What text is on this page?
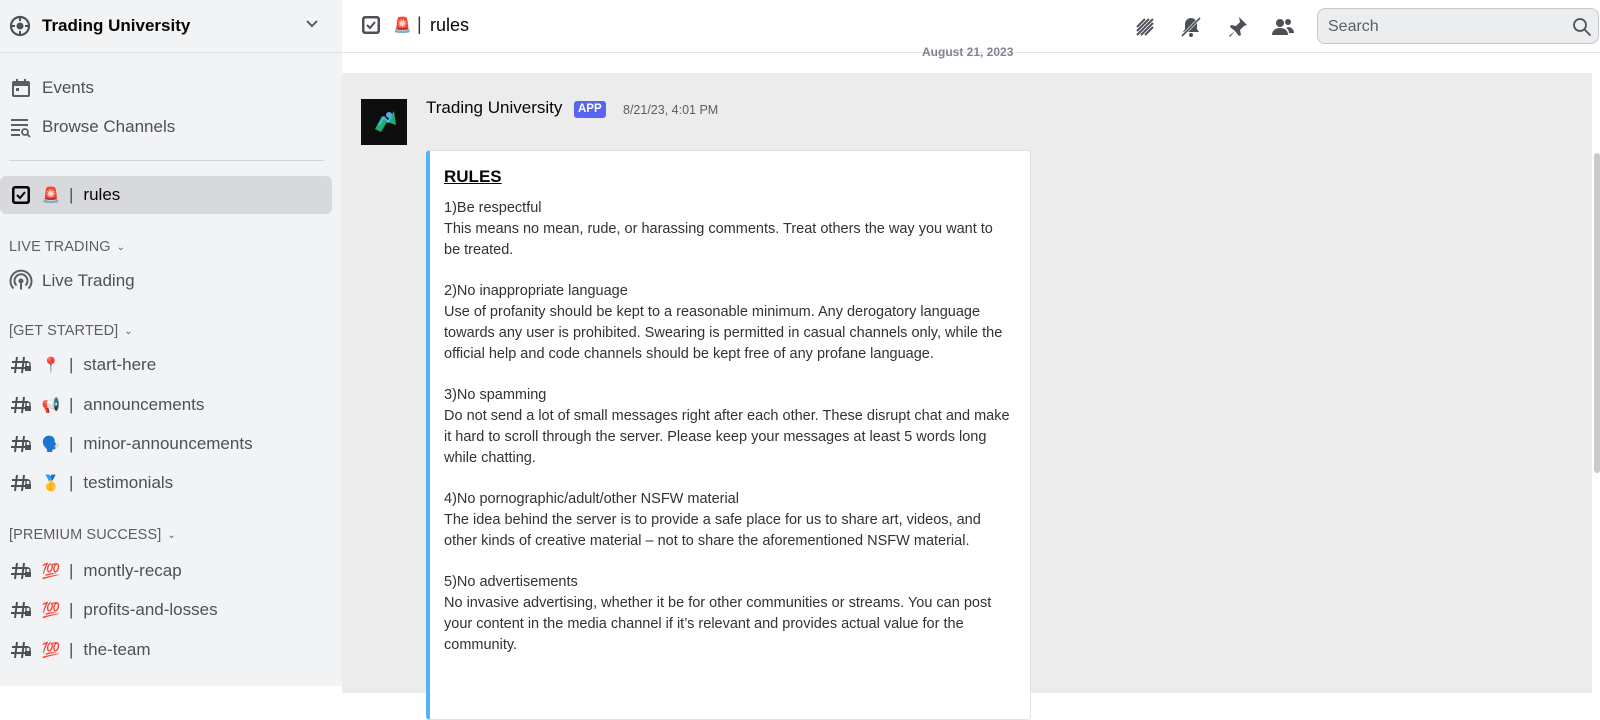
Trading University
Events
Browse Channels
🚨 | rules
LIVE TRADING ⌄
Live Trading
[GET STARTED] ⌄
📍 | start-here
📢 | announcements
🗣️ | minor-announcements
🥇 | testimonials
[PREMIUM SUCCESS] ⌄
💯 | montly-recap
💯 | profits-and-losses
💯 | the-team
🚨 | rules
Search
August 21, 2023
Trading University	APP	8/21/23, 4:01 PM
RULES
1)Be respectful
This means no mean, rude, or harassing comments. Treat others the way you want to be treated.

2)No inappropriate language
Use of profanity should be kept to a reasonable minimum. Any derogatory language towards any user is prohibited. Swearing is permitted in casual channels only, while the official help and code channels should be kept free of any profane language.

3)No spamming
Do not send a lot of small messages right after each other. These disrupt chat and make it hard to scroll through the server. Please keep your messages at least 5 words long while chatting.

4)No pornographic/adult/other NSFW material
The idea behind the server is to provide a safe place for us to share art, videos, and other kinds of creative material – not to share the aforementioned NSFW material.

5)No advertisements
No invasive advertising, whether it be for other communities or streams. You can post your content in the media channel if it’s relevant and provides actual value for the community.
